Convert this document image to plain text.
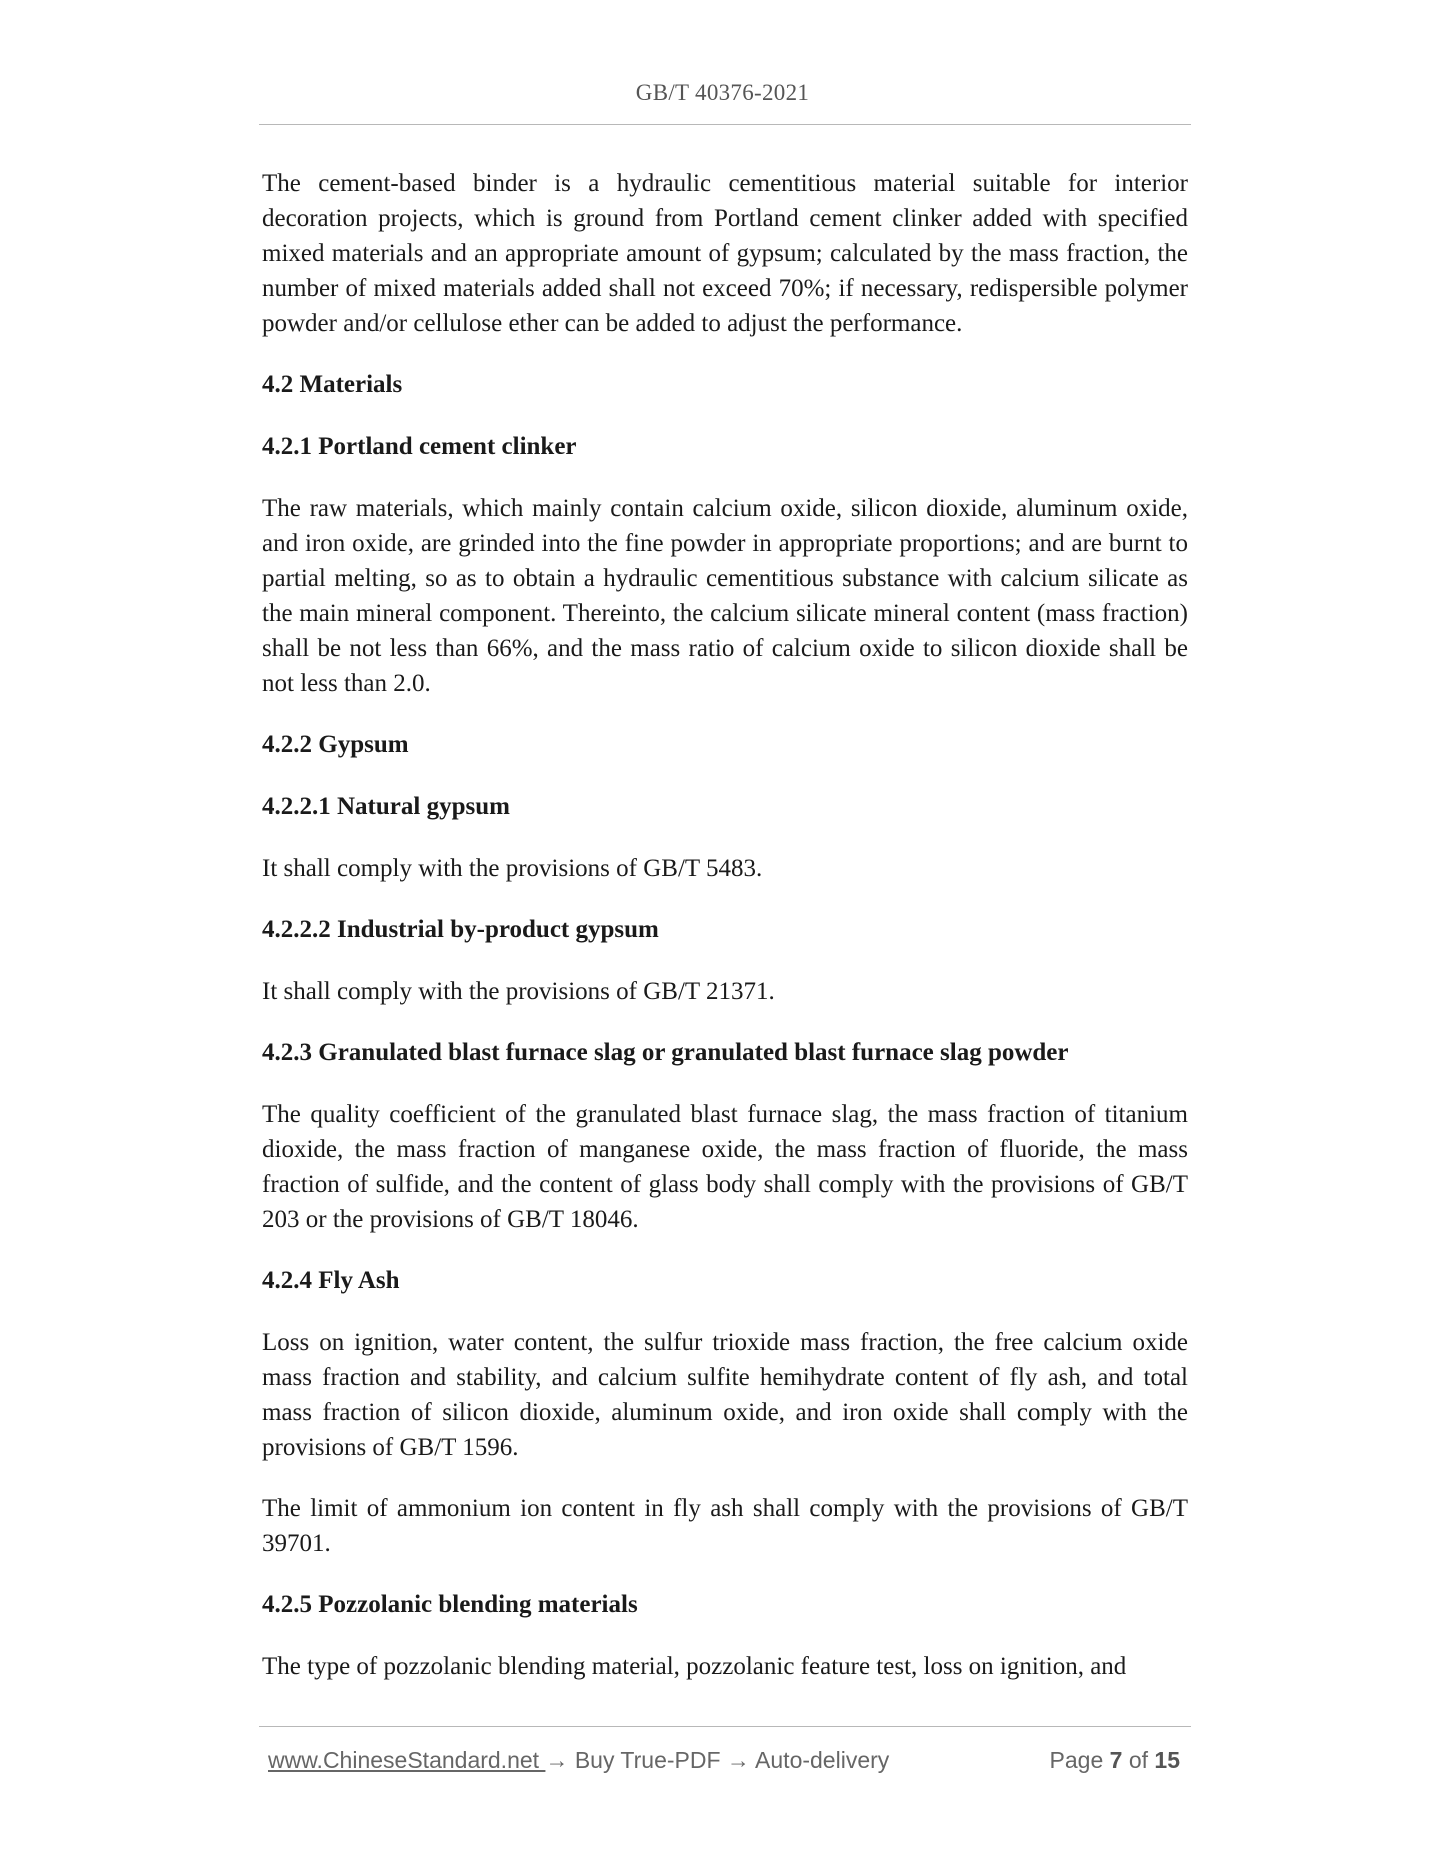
GB/T 40376-2021

The cement-based binder is a hydraulic cementitious material suitable for interior decoration projects, which is ground from Portland cement clinker added with specified mixed materials and an appropriate amount of gypsum; calculated by the mass fraction, the number of mixed materials added shall not exceed 70%; if necessary, redispersible polymer powder and/or cellulose ether can be added to adjust the performance.

4.2 Materials
4.2.1 Portland cement clinker

The raw materials, which mainly contain calcium oxide, silicon dioxide, aluminum oxide, and iron oxide, are grinded into the fine powder in appropriate proportions; and are burnt to partial melting, so as to obtain a hydraulic cementitious substance with calcium silicate as the main mineral component. Thereinto, the calcium silicate mineral content (mass fraction) shall be not less than 66%, and the mass ratio of calcium oxide to silicon dioxide shall be not less than 2.0.

4.2.2 Gypsum
4.2.2.1 Natural gypsum

It shall comply with the provisions of GB/T 5483.

4.2.2.2 Industrial by-product gypsum

It shall comply with the provisions of GB/T 21371.

4.2.3 Granulated blast furnace slag or granulated blast furnace slag powder

The quality coefficient of the granulated blast furnace slag, the mass fraction of titanium dioxide, the mass fraction of manganese oxide, the mass fraction of fluoride, the mass fraction of sulfide, and the content of glass body shall comply with the provisions of GB/T 203 or the provisions of GB/T 18046.

4.2.4 Fly Ash

Loss on ignition, water content, the sulfur trioxide mass fraction, the free calcium oxide mass fraction and stability, and calcium sulfite hemihydrate content of fly ash, and total mass fraction of silicon dioxide, aluminum oxide, and iron oxide shall comply with the provisions of GB/T 1596.

The limit of ammonium ion content in fly ash shall comply with the provisions of GB/T 39701.

4.2.5 Pozzolanic blending materials

The type of pozzolanic blending material, pozzolanic feature test, loss on ignition, and

www.ChineseStandard.net → Buy True-PDF → Auto-delivery	Page 7 of 15
